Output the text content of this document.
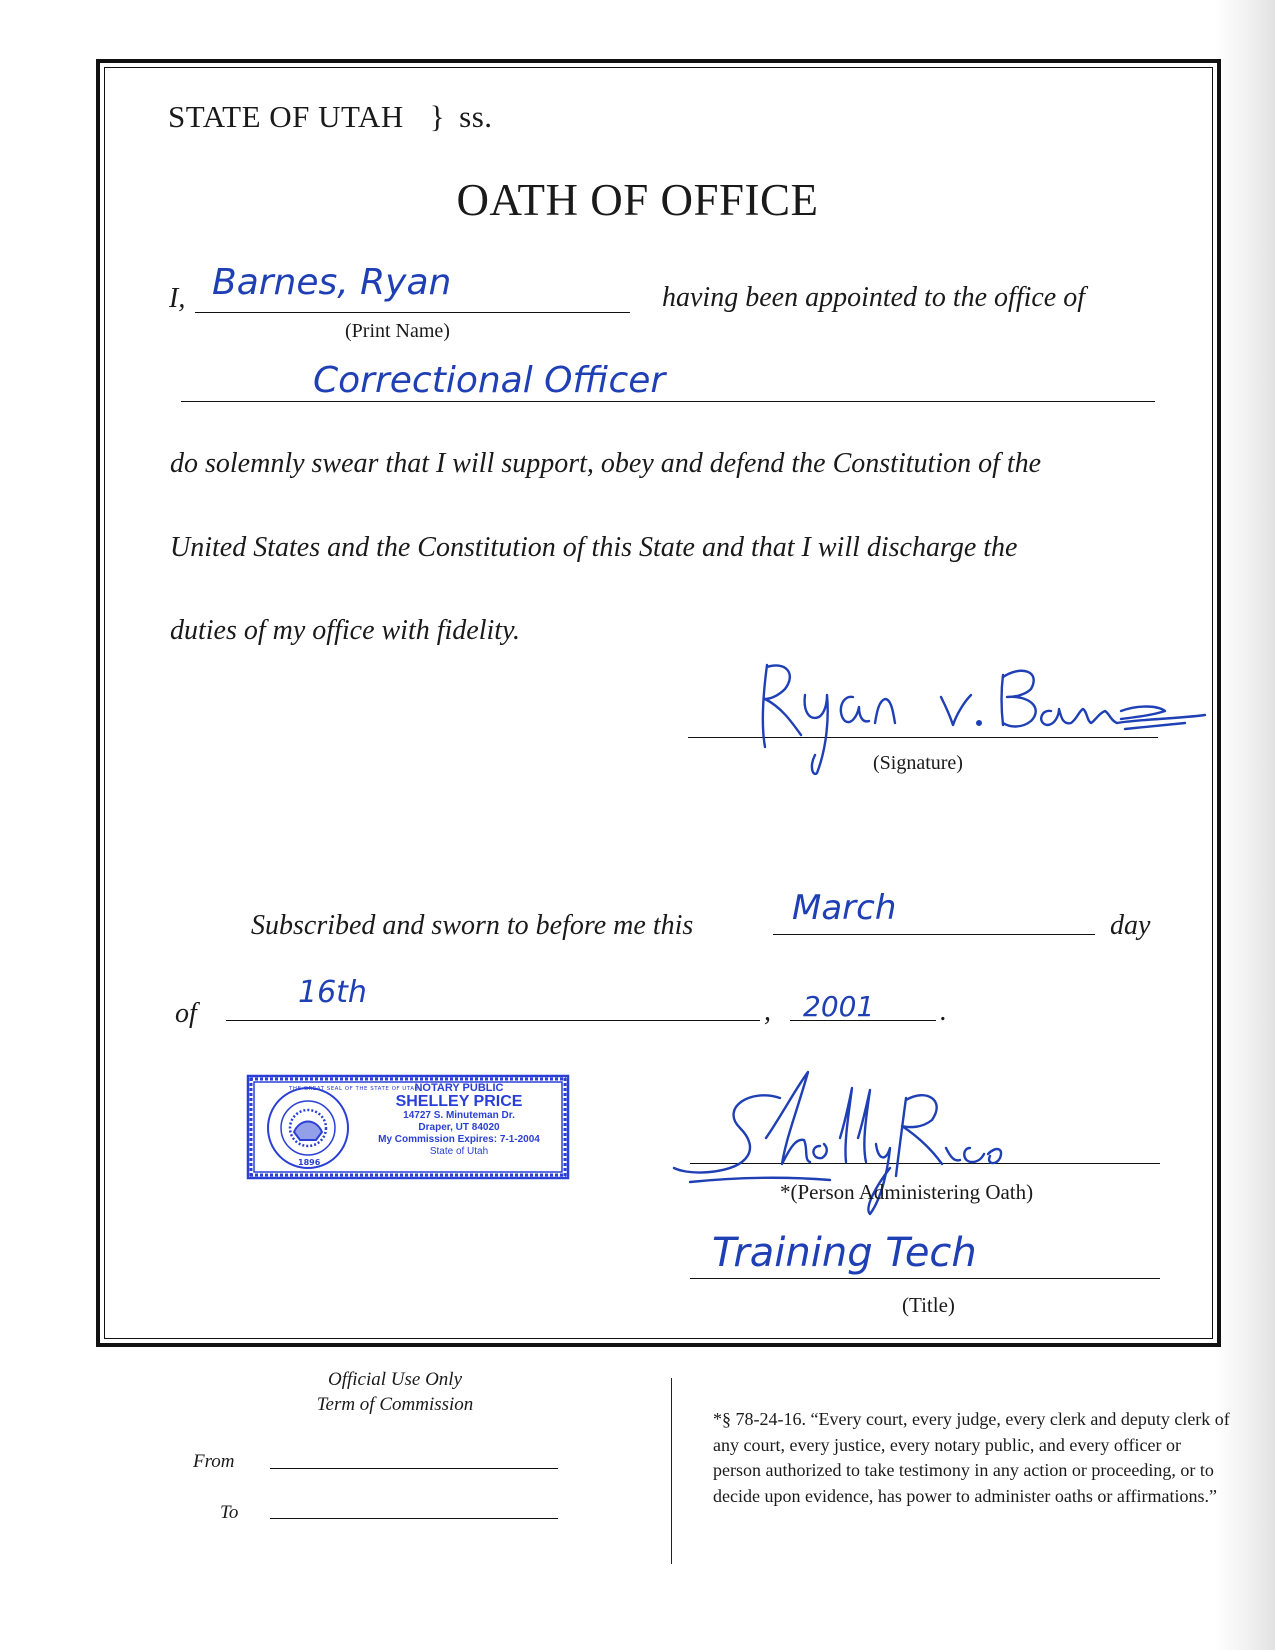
STATE OF UTAH } ss.
OATH OF OFFICE
I, Barnes, Ryan
(Print Name)
having been appointed to the office of
Correctional Officer
do solemnly swear that I will support, obey and defend the Constitution of the
United States and the Constitution of this State and that I will discharge the
duties of my office with fidelity.
(Signature)
Subscribed and sworn to before me this	March	day
of
16th
, 2001 .
THE GREAT SEAL OF THE STATE OF UTAH
1896
NOTARY PUBLIC
SHELLEY PRICE
14727 S. Minuteman Dr.
Draper, UT 84020
My Commission Expires: 7-1-2004
State of Utah
*(Person Administering Oath)
Training Tech
(Title)
Official Use Only
Term of Commission
From
To
*§ 78-24-16. “Every court, every judge, every clerk and deputy clerk of any court, every justice, every notary public, and every officer or person authorized to take testimony in any action or proceeding, or to decide upon evidence, has power to administer oaths or affirmations.”
